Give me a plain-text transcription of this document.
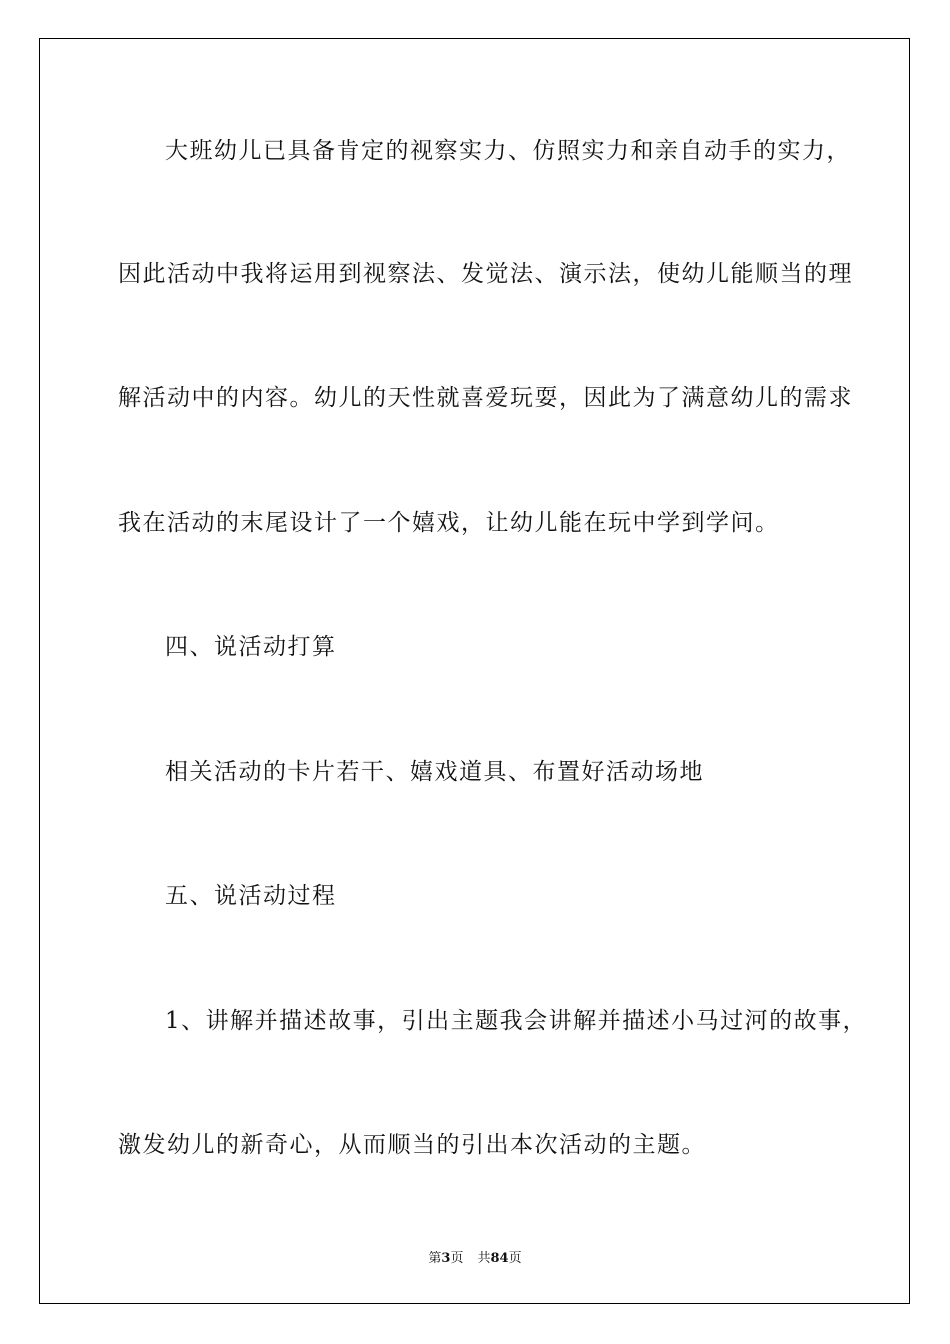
大班幼儿已具备肯定的视察实力、仿照实力和亲自动手的实力，
因此活动中我将运用到视察法、发觉法、演示法，使幼儿能顺当的理
解活动中的内容。幼儿的天性就喜爱玩耍，因此为了满意幼儿的需求
我在活动的末尾设计了一个嬉戏，让幼儿能在玩中学到学问。
四、说活动打算
相关活动的卡片若干、嬉戏道具、布置好活动场地
五、说活动过程
1、讲解并描述故事，引出主题我会讲解并描述小马过河的故事，
激发幼儿的新奇心，从而顺当的引出本次活动的主题。
第3页 共84页
